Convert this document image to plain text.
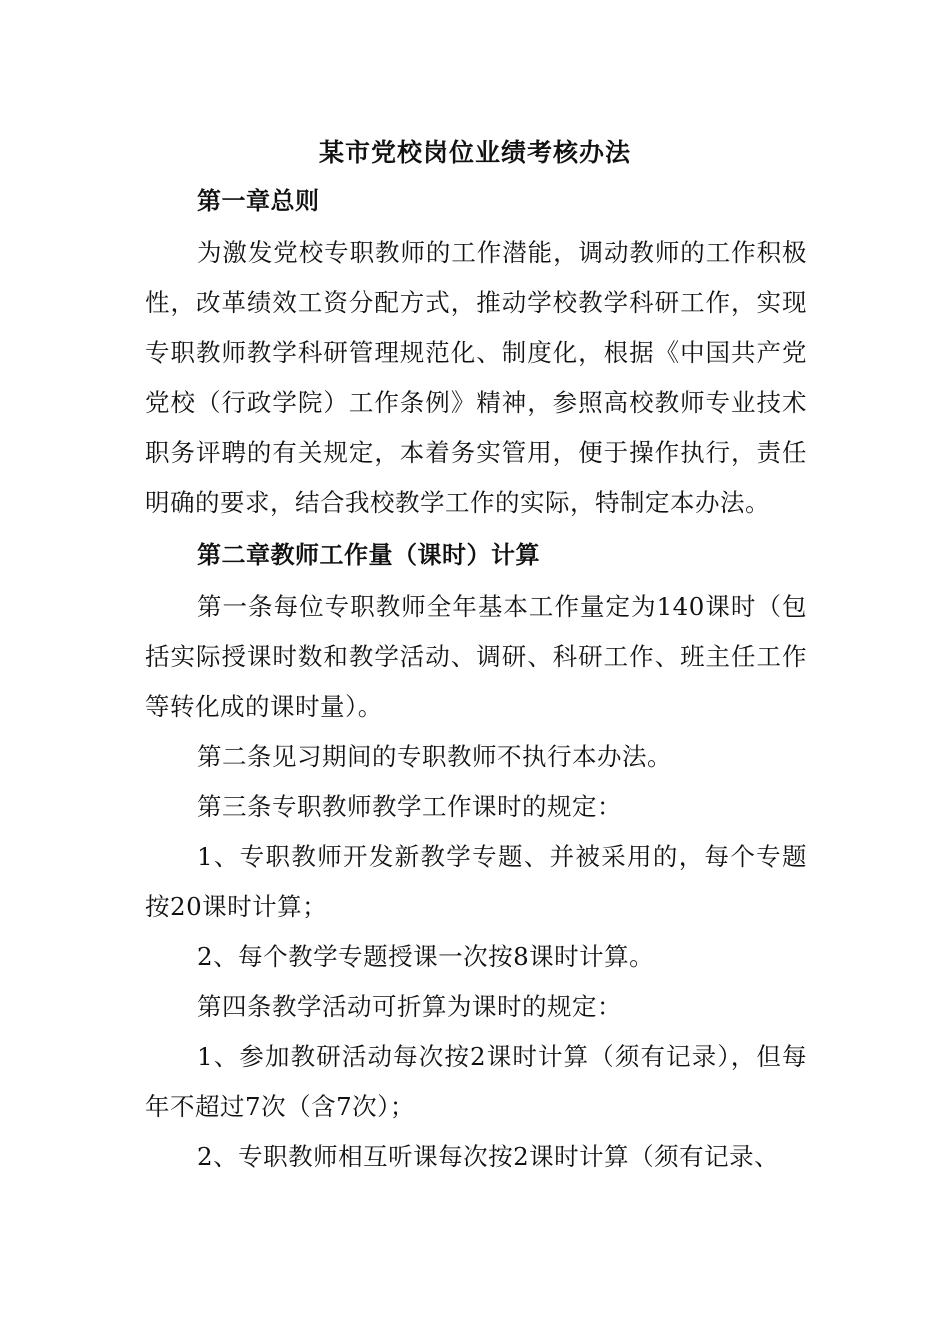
某市党校岗位业绩考核办法

第一章总则

为激发党校专职教师的工作潜能，调动教师的工作积极性，改革绩效工资分配方式，推动学校教学科研工作，实现专职教师教学科研管理规范化、制度化，根据《中国共产党党校（行政学院）工作条例》精神，参照高校教师专业技术职务评聘的有关规定，本着务实管用，便于操作执行，责任明确的要求，结合我校教学工作的实际，特制定本办法。

第二章教师工作量（课时）计算

第一条每位专职教师全年基本工作量定为140课时（包括实际授课时数和教学活动、调研、科研工作、班主任工作等转化成的课时量）。

第二条见习期间的专职教师不执行本办法。

第三条专职教师教学工作课时的规定：

1、专职教师开发新教学专题、并被采用的，每个专题按20课时计算；

2、每个教学专题授课一次按8课时计算。

第四条教学活动可折算为课时的规定：

1、参加教研活动每次按2课时计算（须有记录），但每年不超过7次（含7次）；

2、专职教师相互听课每次按2课时计算（须有记录、
